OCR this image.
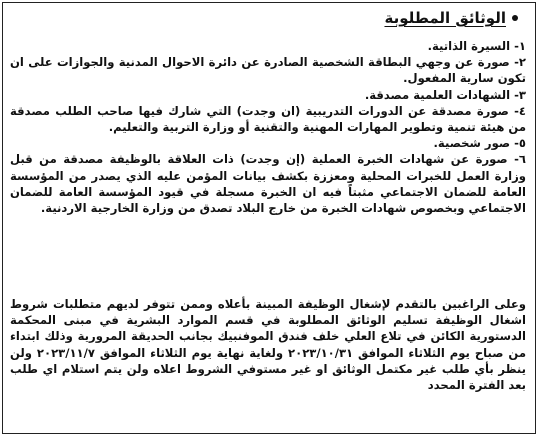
الوثائق المطلوبة
١- السيرة الذاتية.
٢- صورة عن وجهي البطاقة الشخصية الصادرة عن دائرة الاحوال المدنية والجوازات على ان تكون سارية المفعول.
٣- الشهادات العلمية مصدقة.
٤- صورة مصدقة عن الدورات التدريبية (ان وجدت) التي شارك فيها صاحب الطلب مصدقة من هيئة تنمية وتطوير المهارات المهنية والتقنية أو وزارة التربية والتعليم.
٥- صور شخصية.
٦- صورة عن شهادات الخبرة العملية (إن وجدت) ذات العلاقة بالوظيفة مصدقة من قبل وزارة العمل للخبرات المحلية ومعززة بكشف بيانات المؤمن عليه الذي يصدر من المؤسسة العامة للضمان الاجتماعي مثبتاً فيه ان الخبرة مسجلة في قيود المؤسسة العامة للضمان الاجتماعي وبخصوص شهادات الخبرة من خارج البلاد تصدق من وزارة الخارجية الاردنية.

وعلى الراغبين بالتقدم لإشغال الوظيفة المبينة بأعلاه وممن تتوفر لديهم متطلبات شروط اشغال الوظيفة تسليم الوثائق المطلوبة في قسم الموارد البشرية في مبنى المحكمة الدستورية الكائن في تلاع العلي خلف فندق الموفنبيك بجانب الحديقة المرورية وذلك ابتداء من صباح يوم الثلاثاء الموافق ٢٠٢٣/١٠/٣١ ولغاية نهاية يوم الثلاثاء الموافق ٢٠٢٣/١١/٧ ولن ينظر بأي طلب غير مكتمل الوثائق او غير مستوفي الشروط اعلاه ولن يتم استلام اي طلب بعد الفترة المحدد
